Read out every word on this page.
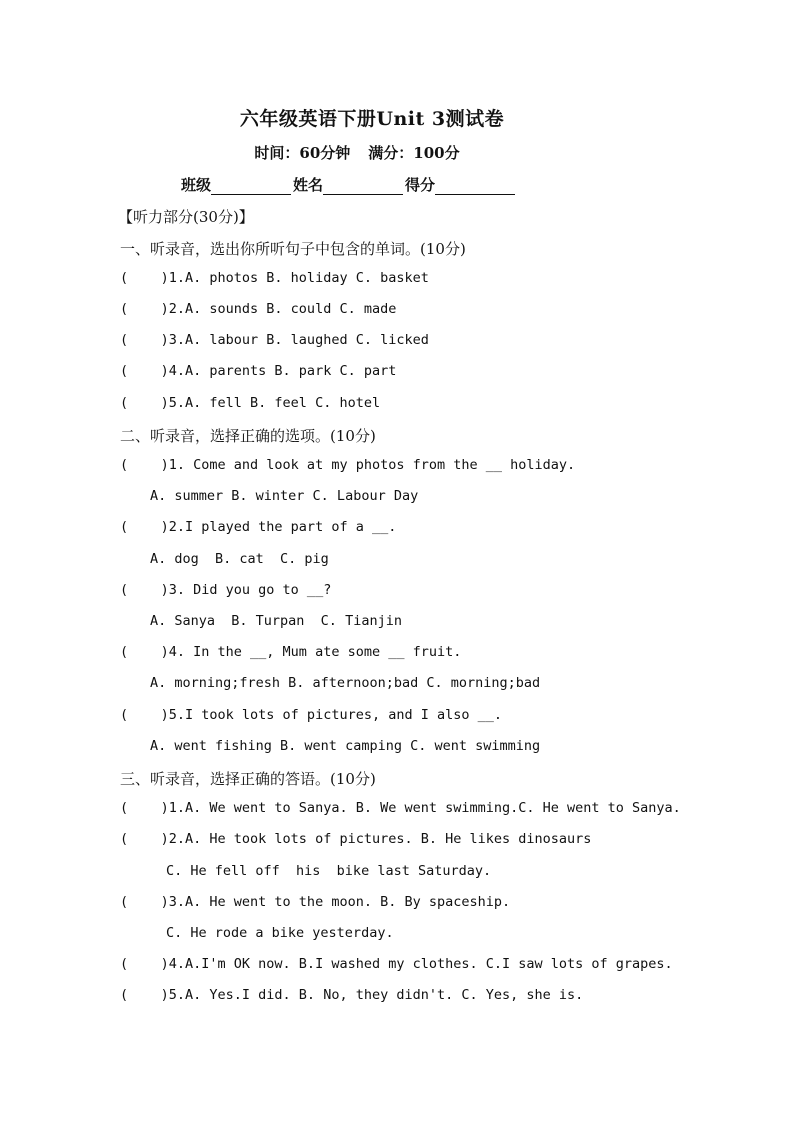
六年级英语下册Unit 3测试卷
时间：60分钟 满分：100分
班级	姓名	得分
【听力部分(30分)】
一、听录音，选出你所听句子中包含的单词。(10分)
(    )1.A. photos B. holiday C. basket
(    )2.A. sounds B. could C. made
(    )3.A. labour B. laughed C. licked
(    )4.A. parents B. park C. part
(    )5.A. fell B. feel C. hotel
二、听录音，选择正确的选项。(10分)
(    )1. Come and look at my photos from the __ holiday.
A. summer B. winter C. Labour Day
(    )2.I played the part of a __.
A. dog  B. cat  C. pig
(    )3. Did you go to __?
A. Sanya  B. Turpan  C. Tianjin
(    )4. In the __, Mum ate some __ fruit.
A. morning;fresh B. afternoon;bad C. morning;bad
(    )5.I took lots of pictures, and I also __.
A. went fishing B. went camping C. went swimming
三、听录音，选择正确的答语。(10分)
(    )1.A. We went to Sanya. B. We went swimming.C. He went to Sanya.
(    )2.A. He took lots of pictures. B. He likes dinosaurs
C. He fell off  his  bike last Saturday.
(    )3.A. He went to the moon. B. By spaceship.
C. He rode a bike yesterday.
(    )4.A.I'm OK now. B.I washed my clothes. C.I saw lots of grapes.
(    )5.A. Yes.I did. B. No, they didn't. C. Yes, she is.
